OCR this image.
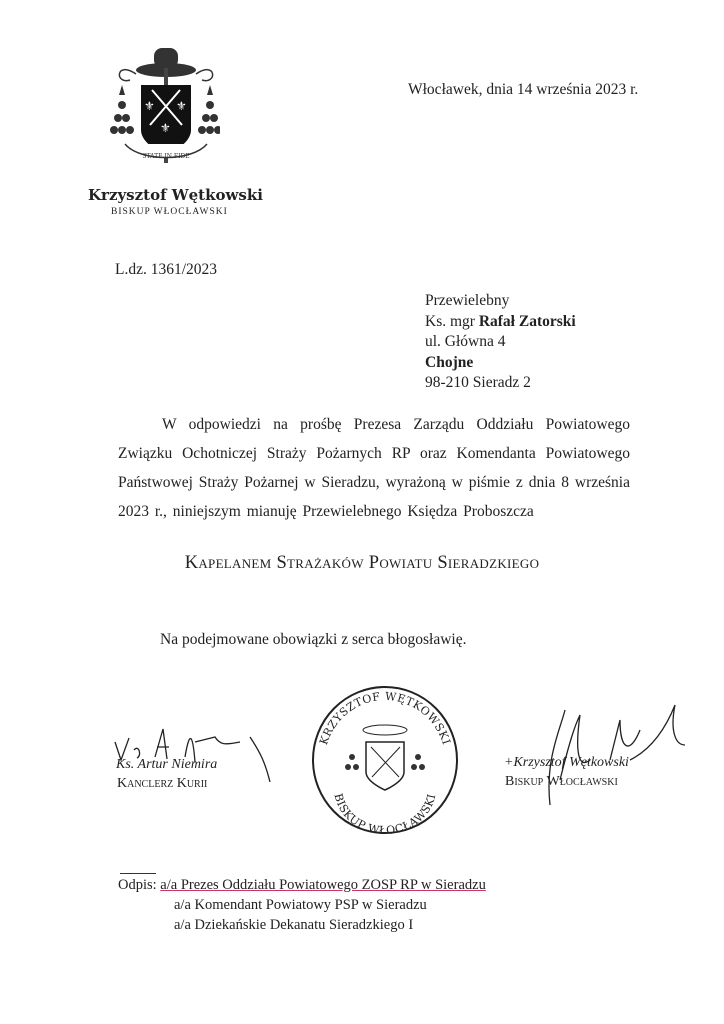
⚜ ⚜
⚜
STATE IN FIDE
Krzysztof Wętkowski
BISKUP WŁOCŁAWSKI
Włocławek, dnia 14 września 2023 r.
L.dz. 1361/2023
Przewielebny
Ks. mgr Rafał Zatorski
ul. Główna 4
Chojne
98-210 Sieradz 2
W odpowiedzi na prośbę Prezesa Zarządu Oddziału Powiatowego Związku Ochotniczej Straży Pożarnych RP oraz Komendanta Powiatowego Państwowej Straży Pożarnej w Sieradzu, wyrażoną w piśmie z dnia 8 września 2023 r., niniejszym mianuję Przewielebnego Księdza Proboszcza
Kapelanem Strażaków Powiatu Sieradzkiego
Na podejmowane obowiązki z serca błogosławię.
Ks. Artur Niemira
Kanclerz Kurii
KRZYSZTOF WĘTKOWSKI
BISKUP WŁOCŁAWSKI
+Krzysztof Wętkowski
Biskup Włocławski
Odpis: a/a Prezes Oddziału Powiatowego ZOSP RP w Sieradzu
a/a Komendant Powiatowy PSP w Sieradzu
a/a Dziekańskie Dekanatu Sieradzkiego I
